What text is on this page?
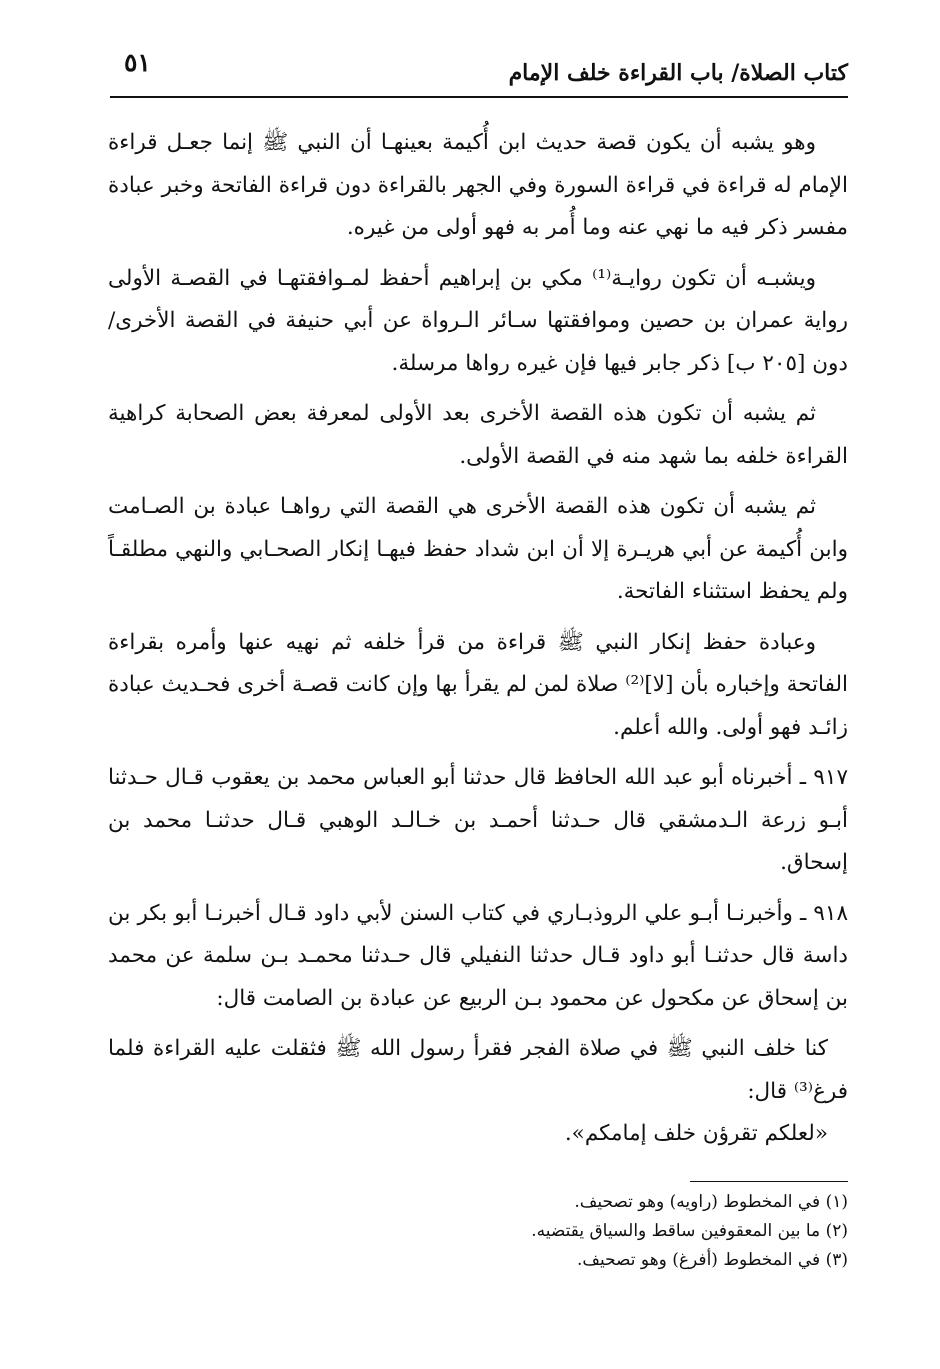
كتاب الصلاة/ باب القراءة خلف الإمام
٥١

وهو يشبه أن يكون قصة حديث ابن أُكيمة بعينهـا أن النبي ﷺ إنما جعـل قراءة الإمام له قراءة في قراءة السورة وفي الجهر بالقراءة دون قراءة الفاتحة وخبر عبادة مفسر ذكر فيه ما نهي عنه وما أُمر به فهو أولى من غيره.

ويشبـه أن تكون روايـة⁽¹⁾ مكي بن إبراهيم أحفظ لمـوافقتهـا في القصـة الأولى رواية عمران بن حصين وموافقتها سـائر الـرواة عن أبي حنيفة في القصة الأخرى/ دون [٢٠٥ ب] ذكر جابر فيها فإن غيره رواها مرسلة.

ثم يشبه أن تكون هذه القصة الأخرى بعد الأولى لمعرفة بعض الصحابة كراهية القراءة خلفه بما شهد منه في القصة الأولى.

ثم يشبه أن تكون هذه القصة الأخرى هي القصة التي رواهـا عبادة بن الصـامت وابن أُكيمة عن أبي هريـرة إلا أن ابن شداد حفظ فيهـا إنكار الصحـابي والنهي مطلقـاً ولم يحفظ استثناء الفاتحة.

وعبادة حفظ إنكار النبي ﷺ قراءة من قرأ خلفه ثم نهيه عنها وأمره بقراءة الفاتحة وإخباره بأن [لا]⁽²⁾ صلاة لمن لم يقرأ بها وإن كانت قصـة أخرى فحـديث عبادة زائـد فهو أولى. والله أعلم.

٩١٧ ـ أخبرناه أبو عبد الله الحافظ قال حدثنا أبو العباس محمد بن يعقوب قـال حـدثنا أبـو زرعة الـدمشقي قال حـدثنا أحمـد بن خـالـد الوهبي قـال حدثنـا محمد بن إسحاق.

٩١٨ ـ وأخبرنـا أبـو علي الروذبـاري في كتاب السنن لأبي داود قـال أخبرنـا أبو بكر بن داسة قال حدثنـا أبو داود قـال حدثنا النفيلي قال حـدثنا محمـد بـن سلمة عن محمد بن إسحاق عن مكحول عن محمود بـن الربيع عن عبادة بن الصامت قال:

كنا خلف النبي ﷺ في صلاة الفجر فقرأ رسول الله ﷺ فثقلت عليه القراءة فلما فرغ⁽³⁾ قال:

«لعلكم تقرؤن خلف إمامكم».

(١) في المخطوط (راويه) وهو تصحيف.

(٢) ما بين المعقوفين ساقط والسياق يقتضيه.

(٣) في المخطوط (أفرغ) وهو تصحيف.
